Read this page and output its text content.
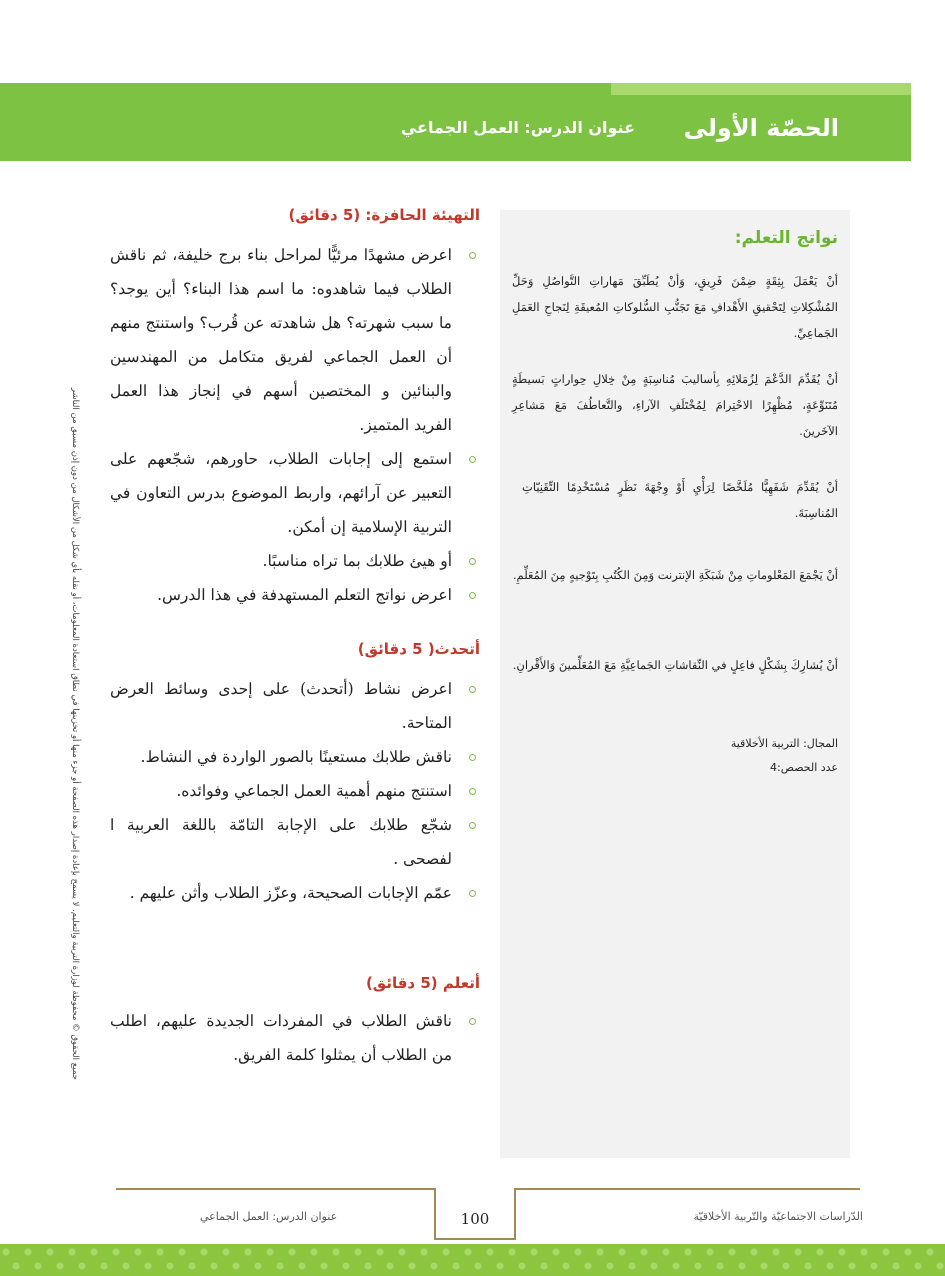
الحصّة الأولى
عنوان الدرس: العمل الجماعي
جميع الحقوق © محفوظة لوزارة التربية والتعليم. لا يسمح بإعادة إصدار هذه الصفحة أو جزء منها أو تخزينها في نطاق استعادة المعلومات، أو نقله بأي شكل من الأشكال من دون إذن مسبق من الناشر
نواتج التعلم:

أنْ يَعْمَلَ بِثِقَةٍ ضِمْنَ فَرِيقٍ، وَأنْ يُطَبِّقَ مَهاراتِ التَّواصُلِ وَحَلِّ المُشْكِلاتِ لِتَحْقيقِ الأَهْدافِ مَعَ تَجَنُّبِ السُّلوكاتِ المُعيقَةِ لِنَجاحِ العَمَلِ الجَماعِيِّ.

أنْ يُقَدِّمَ الدَّعْمَ لِزُمَلائِهِ بِأساليبَ مُناسِبَةٍ مِنْ خِلالِ حِواراتٍ بَسيطَةٍ مُتَنَوِّعَةٍ، مُظْهِرًا الاحْتِرامَ لِمُخْتَلَفِ الآراءِ، والتَّعاطُفَ مَعَ مَشاعِرِ الآخَرينَ.

أنْ يُقَدِّمَ شَفَهِيًّا مُلَخَّصًا لِرَأْيِ أَوْ وِجْهَةَ نَظَرٍ مُسْتَخْدِمًا التِّقَنِيّاتِ المُناسِبَةَ.

أنْ يَجْمَعَ المَعْلوماتِ مِنْ شَبَكَةِ الإنترنت وَمِنَ الكُتُبِ بِتَوْجيهٍ مِنَ المُعَلِّمِ.

أنْ يُشارِكَ بِشَكْلٍ فاعِلٍ في النِّقاشاتِ الجَماعِيَّةِ مَعَ المُعَلِّمينَ وَالأَقْرانِ.

المجال: التربية الأخلاقية
عدد الحصص:4
التهيئة الحافزة: (5 دقائق)
اعرض مشهدًا مرئيًّا لمراحل بناء برج خليفة، ثم ناقش الطلاب فيما شاهدوه: ما اسم هذا البناء؟ أين يوجد؟ ما سبب شهرته؟ هل شاهدته عن قُرب؟ واستنتج منهم أن العمل الجماعي لفريق متكامل من المهندسين والبنائين و المختصين أسهم في إنجاز هذا العمل الفريد المتميز.
استمع إلى إجابات الطلاب، حاورهم، شجّعهم على التعبير عن آرائهم، واربط الموضوع بدرس التعاون في التربية الإسلامية إن أمكن.
أو هيئ طلابك بما تراه مناسبًا.
اعرض نواتج التعلم المستهدفة في هذا الدرس.
أتحدث( 5 دقائق)
اعرض نشاط (أتحدث) على إحدى وسائط العرض المتاحة.
ناقش طلابك مستعينًا بالصور الواردة في النشاط.
استنتج منهم أهمية العمل الجماعي وفوائده.
شجّع طلابك على الإجابة التامّة باللغة العربية ا لفصحى .
عمّم الإجابات الصحيحة، وعزّز الطلاب وأثن عليهم .
أتعلم (5 دقائق)
ناقش الطلاب في المفردات الجديدة عليهم، اطلب من الطلاب أن يمثلوا كلمة الفريق.
100
عنوان الدرس: العمل الجماعي	الدّراسات الاجتماعيّة والتّربية الأخلاقيّة
